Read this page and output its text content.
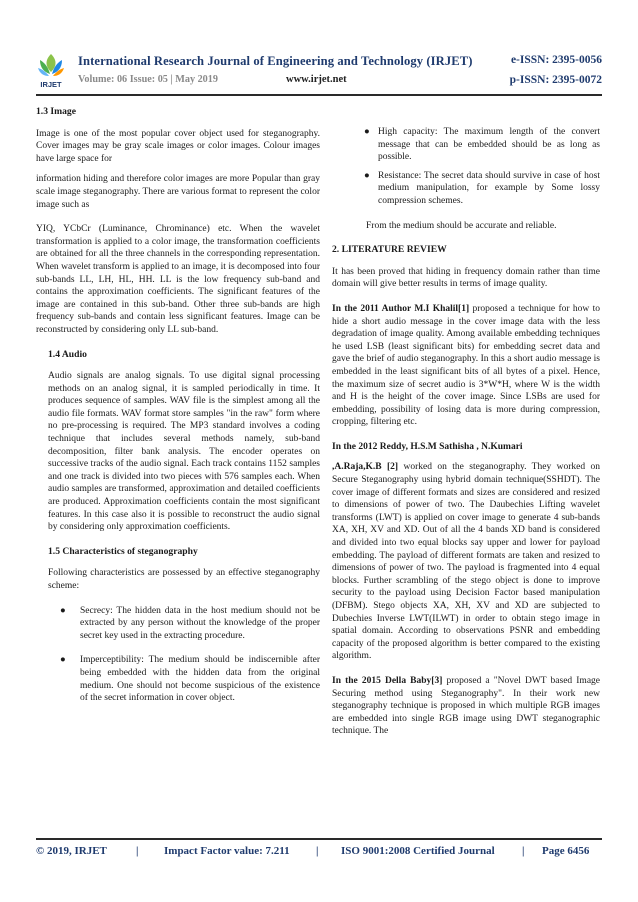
IRJET
International Research Journal of Engineering and Technology (IRJET)	e-ISSN: 2395-0056
Volume: 06 Issue: 05 | May 2019	www.irjet.net	p-ISSN: 2395-0072

1.3 Image

Image is one of the most popular cover object used for steganography. Cover images may be gray scale images or color images. Colour images have large space for

information hiding and therefore color images are more Popular than gray scale image steganography. There are various format to represent the color image such as

YIQ, YCbCr (Luminance, Chrominance) etc. When the wavelet transformation is applied to a color image, the transformation coefficients are obtained for all the three channels in the corresponding representation. When wavelet transform is applied to an image, it is decomposed into four sub-bands LL, LH, HL, HH. LL is the low frequency sub-band and contains the approximation coefficients. The significant features of the image are contained in this sub-band. Other three sub-bands are high frequency sub-bands and contain less significant features. Image can be reconstructed by considering only LL sub-band.

1.4 Audio

Audio signals are analog signals. To use digital signal processing methods on an analog signal, it is sampled periodically in time. It produces sequence of samples. WAV file is the simplest among all the audio file formats. WAV format store samples "in the raw" form where no pre-processing is required. The MP3 standard involves a coding technique that includes several methods namely, sub-band decomposition, filter bank analysis. The encoder operates on successive tracks of the audio signal. Each track contains 1152 samples and one track is divided into two pieces with 576 samples each. When audio samples are transformed, approximation and detailed coefficients are produced. Approximation coefficients contain the most significant features. In this case also it is possible to reconstruct the audio signal by considering only approximation coefficients.

1.5 Characteristics of steganography

Following characteristics are possessed by an effective steganography scheme:

● Secrecy: The hidden data in the host medium should not be extracted by any person without the knowledge of the proper secret key used in the extracting procedure.
● Imperceptibility: The medium should be indiscernible after being embedded with the hidden data from the original medium. One should not become suspicious of the existence of the secret information in cover object.
● High capacity: The maximum length of the convert message that can be embedded should be as long as possible.
● Resistance: The secret data should survive in case of host medium manipulation, for example by Some lossy compression schemes.

From the medium should be accurate and reliable.

2. LITERATURE REVIEW

It has been proved that hiding in frequency domain rather than time domain will give better results in terms of image quality.

In the 2011 Author M.I Khalil[1] proposed a technique for how to hide a short audio message in the cover image data with the less degradation of image quality. Among available embedding techniques he used LSB (least significant bits) for embedding secret data and gave the brief of audio steganography. In this a short audio message is embedded in the least significant bits of all bytes of a pixel. Hence, the maximum size of secret audio is 3*W*H, where W is the width and H is the height of the cover image. Since LSBs are used for embedding, possibility of losing data is more during compression, cropping, filtering etc.

In the 2012 Reddy, H.S.M Sathisha , N.Kumari

,A.Raja,K.B [2] worked on the steganography. They worked on Secure Steganography using hybrid domain technique(SSHDT). The cover image of different formats and sizes are considered and resized to dimensions of power of two. The Daubechies Lifting wavelet transforms (LWT) is applied on cover image to generate 4 sub-bands XA, XH, XV and XD. Out of all the 4 bands XD band is considered and divided into two equal blocks say upper and lower for payload embedding. The payload of different formats are taken and resized to dimensions of power of two. The payload is fragmented into 4 equal blocks. Further scrambling of the stego object is done to improve security to the payload using Decision Factor based manipulation (DFBM). Stego objects XA, XH, XV and XD are subjected to Dubechies Inverse LWT(ILWT) in order to obtain stego image in spatial domain. According to observations PSNR and embedding capacity of the proposed algorithm is better compared to the existing algorithm.

In the 2015 Della Baby[3] proposed a "Novel DWT based Image Securing method using Steganography". In their work new steganography technique is proposed in which multiple RGB images are embedded into single RGB image using DWT steganographic technique. The

© 2019, IRJET	| Impact Factor value: 7.211 | ISO 9001:2008 Certified Journal | Page 6456
